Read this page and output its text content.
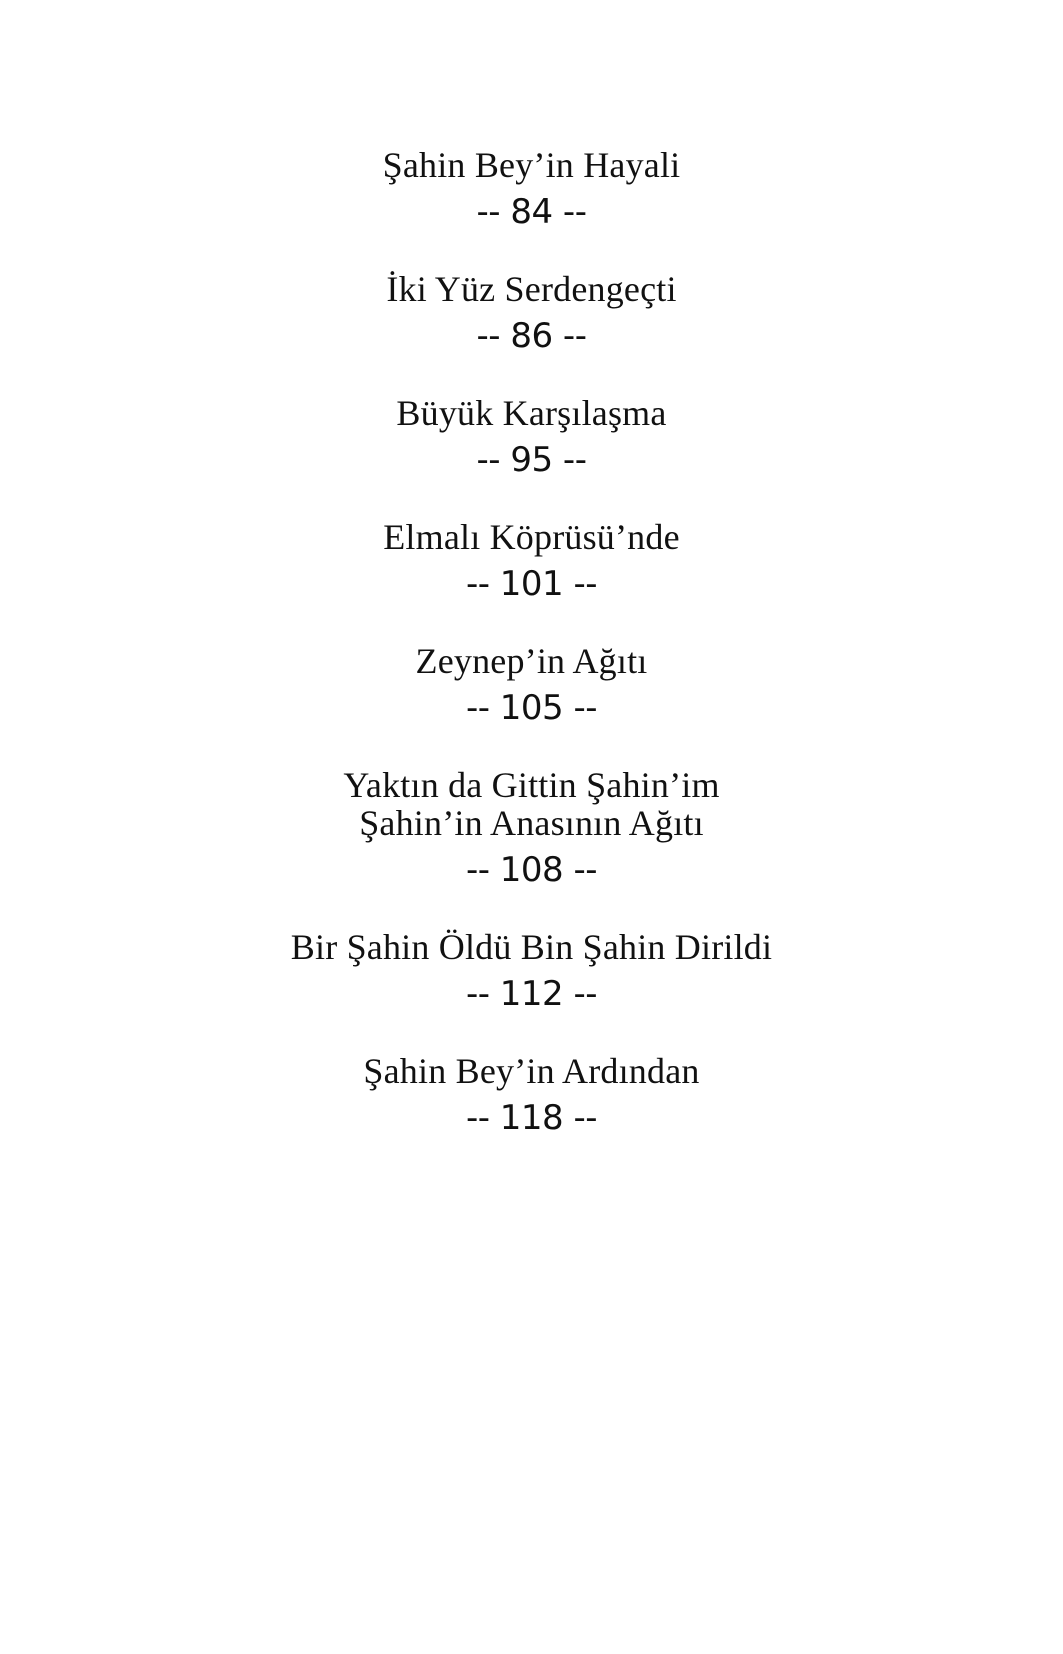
Şahin Bey’in Hayali
-- 84 --
İki Yüz Serdengeçti
-- 86 --
Büyük Karşılaşma
-- 95 --
Elmalı Köprüsü’nde
-- 101 --
Zeynep’in Ağıtı
-- 105 --
Yaktın da Gittin Şahin’im
Şahin’in Anasının Ağıtı
-- 108 --
Bir Şahin Öldü Bin Şahin Dirildi
-- 112 --
Şahin Bey’in Ardından
-- 118 --
